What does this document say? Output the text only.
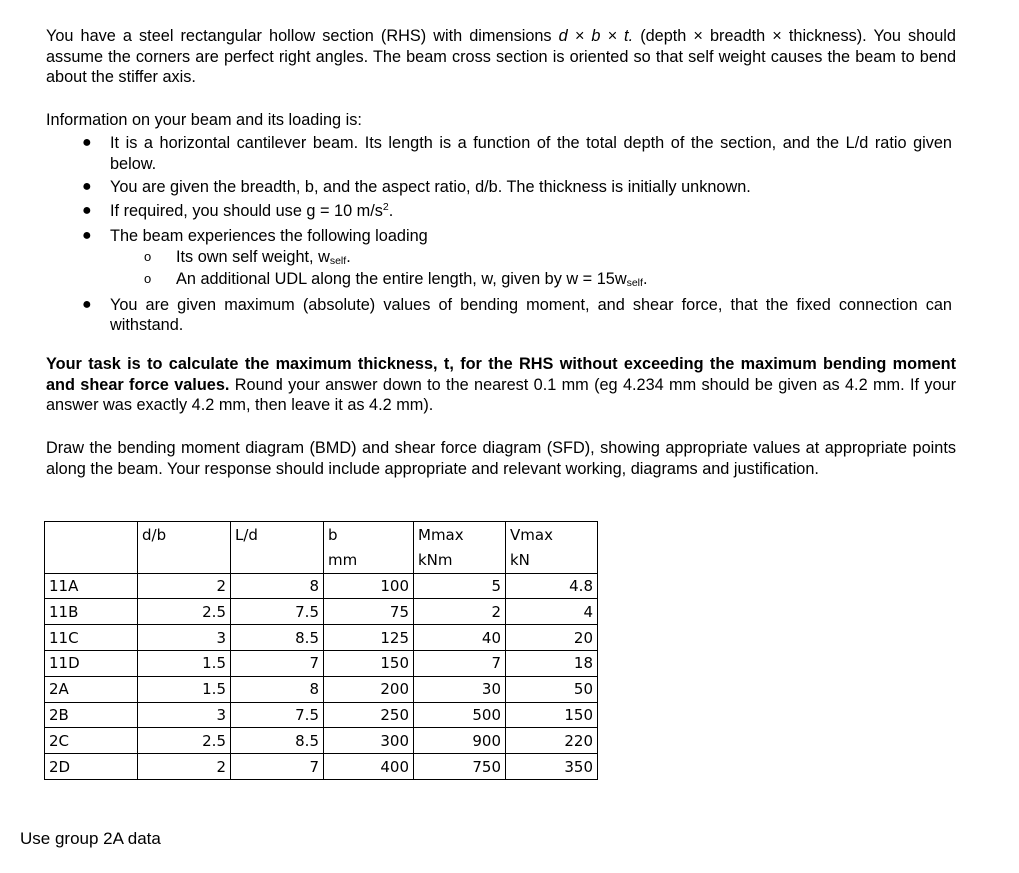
You have a steel rectangular hollow section (RHS) with dimensions d × b × t. (depth × breadth × thickness). You should assume the corners are perfect right angles. The beam cross section is oriented so that self weight causes the beam to bend about the stiffer axis.
Information on your beam and its loading is:
● It is a horizontal cantilever beam. Its length is a function of the total depth of the section, and the L/d ratio given below.
● You are given the breadth, b, and the aspect ratio, d/b. The thickness is initially unknown.
● If required, you should use g = 10 $m/s^2$.
● The beam experiences the following loading
o Its own self weight, $w_{self}$.
o An additional UDL along the entire length, w, given by $w = 15w_{self}$.
● You are given maximum (absolute) values of bending moment, and shear force, that the fixed connection can withstand.
Your task is to calculate the maximum thickness, t, for the RHS without exceeding the maximum bending moment and shear force values. Round your answer down to the nearest 0.1 mm (eg 4.234 mm should be given as 4.2 mm. If your answer was exactly 4.2 mm, then leave it as 4.2 mm).
Draw the bending moment diagram (BMD) and shear force diagram (SFD), showing appropriate values at appropriate points along the beam. Your response should include appropriate and relevant working, diagrams and justification.
	d/b	L/d	b	Mmax	Vmax
			mm	kNm	kN
11A	2	8	100	5	4.8
11B	2.5	7.5	75	2	4
11C	3	8.5	125	40	20
11D	1.5	7	150	7	18
2A	1.5	8	200	30	50
2B	3	7.5	250	500	150
2C	2.5	8.5	300	900	220
2D	2	7	400	750	350
Use group 2A data
